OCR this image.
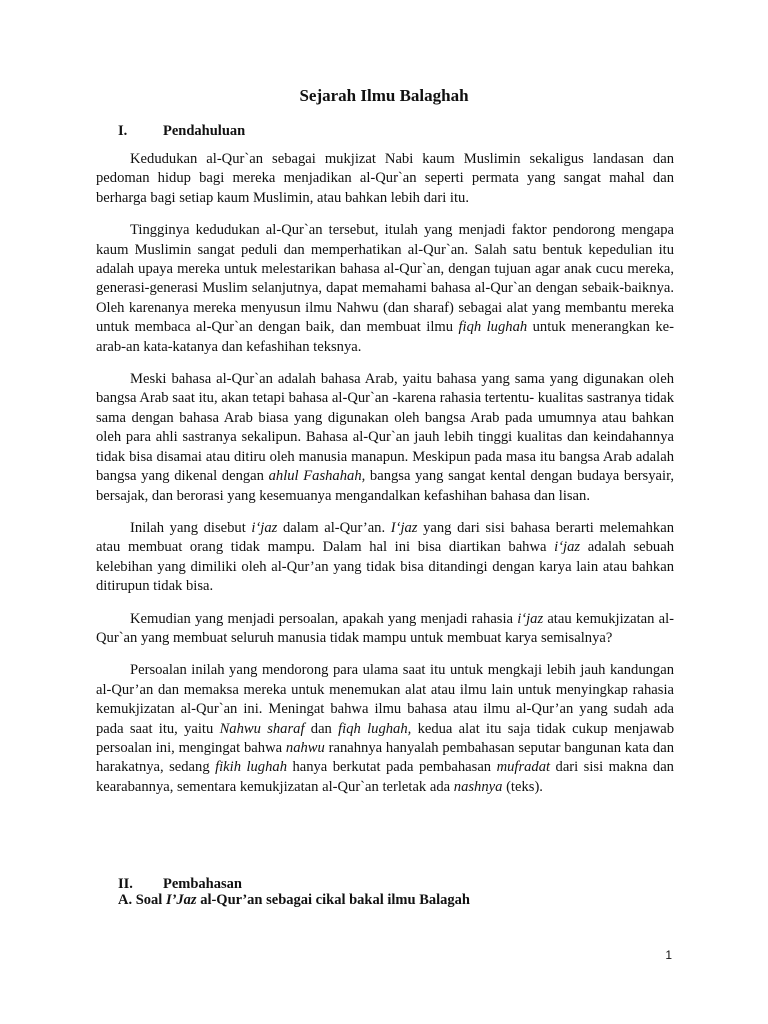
Sejarah Ilmu Balaghah
I. Pendahuluan

Kedudukan al-Qur`an sebagai mukjizat Nabi kaum Muslimin sekaligus landasan dan pedoman hidup bagi mereka menjadikan al-Qur`an seperti permata yang sangat mahal dan berharga bagi setiap kaum Muslimin, atau bahkan lebih dari itu.

Tingginya kedudukan al-Qur`an tersebut, itulah yang menjadi faktor pendorong mengapa kaum Muslimin sangat peduli dan memperhatikan al-Qur`an. Salah satu bentuk kepedulian itu adalah upaya mereka untuk melestarikan bahasa al-Qur`an, dengan tujuan agar anak cucu mereka, generasi-generasi Muslim selanjutnya, dapat memahami bahasa al-Qur`an dengan sebaik-baiknya. Oleh karenanya mereka menyusun ilmu Nahwu (dan sharaf) sebagai alat yang membantu mereka untuk membaca al-Qur`an dengan baik, dan membuat ilmu fiqh lughah untuk menerangkan ke-arab-an kata-katanya dan kefashihan teksnya.

Meski bahasa al-Qur`an adalah bahasa Arab, yaitu bahasa yang sama yang digunakan oleh bangsa Arab saat itu, akan tetapi bahasa al-Qur`an -karena rahasia tertentu- kualitas sastranya tidak sama dengan bahasa Arab biasa yang digunakan oleh bangsa Arab pada umumnya atau bahkan oleh para ahli sastranya sekalipun. Bahasa al-Qur`an jauh lebih tinggi kualitas dan keindahannya tidak bisa disamai atau ditiru oleh manusia manapun. Meskipun pada masa itu bangsa Arab adalah bangsa yang dikenal dengan ahlul Fashahah, bangsa yang sangat kental dengan budaya bersyair, bersajak, dan berorasi yang kesemuanya mengandalkan kefashihan bahasa dan lisan.

Inilah yang disebut i‘jaz dalam al-Qur’an. I‘jaz yang dari sisi bahasa berarti melemahkan atau membuat orang tidak mampu. Dalam hal ini bisa diartikan bahwa i‘jaz adalah sebuah kelebihan yang dimiliki oleh al-Qur’an yang tidak bisa ditandingi dengan karya lain atau bahkan ditirupun tidak bisa.

Kemudian yang menjadi persoalan, apakah yang menjadi rahasia i‘jaz atau kemukjizatan al-Qur`an yang membuat seluruh manusia tidak mampu untuk membuat karya semisalnya?

Persoalan inilah yang mendorong para ulama saat itu untuk mengkaji lebih jauh kandungan al-Qur’an dan memaksa mereka untuk menemukan alat atau ilmu lain untuk menyingkap rahasia kemukjizatan al-Qur`an ini. Meningat bahwa ilmu bahasa atau ilmu al-Qur’an yang sudah ada pada saat itu, yaitu Nahwu sharaf dan fiqh lughah, kedua alat itu saja tidak cukup menjawab persoalan ini, mengingat bahwa nahwu ranahnya hanyalah pembahasan seputar bangunan kata dan harakatnya, sedang fikih lughah hanya berkutat pada pembahasan mufradat dari sisi makna dan kearabannya, sementara kemukjizatan al-Qur`an terletak ada nashnya (teks).

II. Pembahasan
A. Soal I’Jaz al-Qur’an sebagai cikal bakal ilmu Balagah
1
